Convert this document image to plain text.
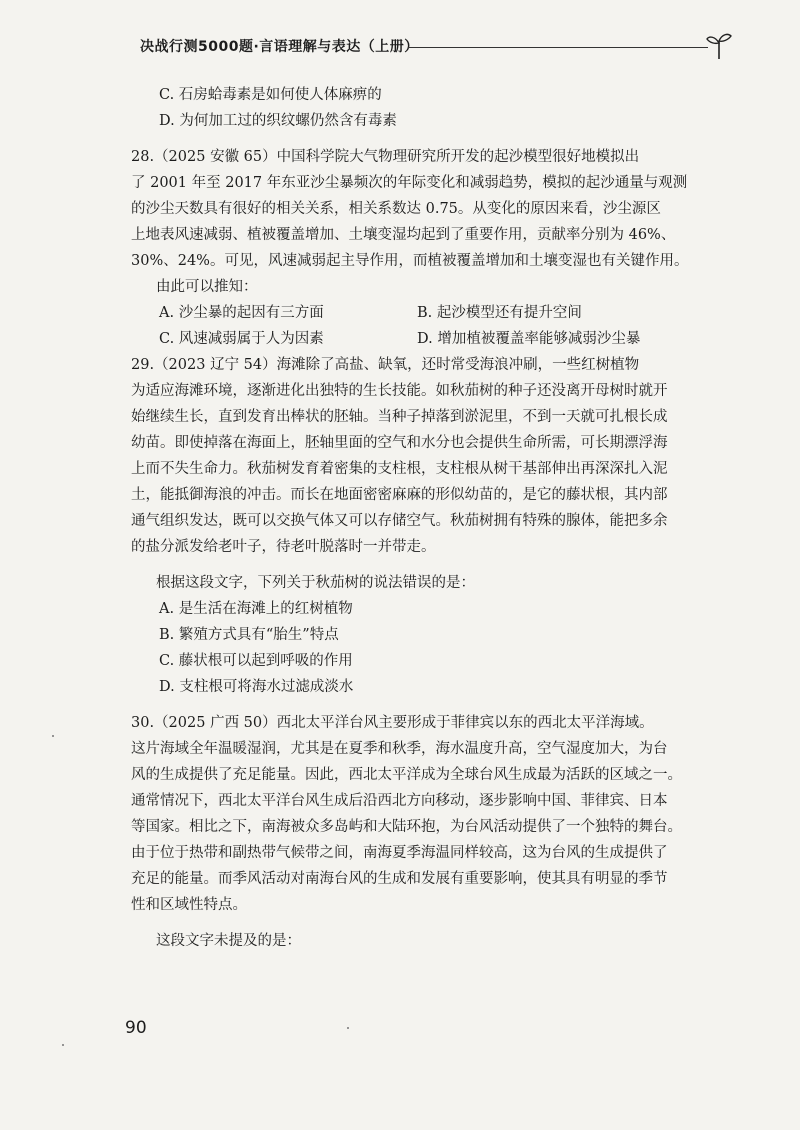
决战行测5000题·言语理解与表达（上册）
C. 石房蛤毒素是如何使人体麻痹的
D. 为何加工过的织纹螺仍然含有毒素
28.（2025 安徽 65）中国科学院大气物理研究所开发的起沙模型很好地模拟出
了 2001 年至 2017 年东亚沙尘暴频次的年际变化和减弱趋势，模拟的起沙通量与观测
的沙尘天数具有很好的相关关系，相关系数达 0.75。从变化的原因来看，沙尘源区
上地表风速减弱、植被覆盖增加、土壤变湿均起到了重要作用，贡献率分别为 46%、
30%、24%。可见，风速减弱起主导作用，而植被覆盖增加和土壤变湿也有关键作用。
由此可以推知：
A. 沙尘暴的起因有三方面	B. 起沙模型还有提升空间
C. 风速减弱属于人为因素	D. 增加植被覆盖率能够减弱沙尘暴
29.（2023 辽宁 54）海滩除了高盐、缺氧，还时常受海浪冲刷，一些红树植物
为适应海滩环境，逐渐进化出独特的生长技能。如秋茄树的种子还没离开母树时就开
始继续生长，直到发育出棒状的胚轴。当种子掉落到淤泥里，不到一天就可扎根长成
幼苗。即使掉落在海面上，胚轴里面的空气和水分也会提供生命所需，可长期漂浮海
上而不失生命力。秋茄树发育着密集的支柱根，支柱根从树干基部伸出再深深扎入泥
土，能抵御海浪的冲击。而长在地面密密麻麻的形似幼苗的，是它的藤状根，其内部
通气组织发达，既可以交换气体又可以存储空气。秋茄树拥有特殊的腺体，能把多余
的盐分派发给老叶子，待老叶脱落时一并带走。
根据这段文字，下列关于秋茄树的说法错误的是：
A. 是生活在海滩上的红树植物
B. 繁殖方式具有“胎生”特点
C. 藤状根可以起到呼吸的作用
D. 支柱根可将海水过滤成淡水
30.（2025 广西 50）西北太平洋台风主要形成于菲律宾以东的西北太平洋海域。
这片海域全年温暖湿润，尤其是在夏季和秋季，海水温度升高，空气湿度加大，为台
风的生成提供了充足能量。因此，西北太平洋成为全球台风生成最为活跃的区域之一。
通常情况下，西北太平洋台风生成后沿西北方向移动，逐步影响中国、菲律宾、日本
等国家。相比之下，南海被众多岛屿和大陆环抱，为台风活动提供了一个独特的舞台。
由于位于热带和副热带气候带之间，南海夏季海温同样较高，这为台风的生成提供了
充足的能量。而季风活动对南海台风的生成和发展有重要影响，使其具有明显的季节
性和区域性特点。
这段文字未提及的是：
90
